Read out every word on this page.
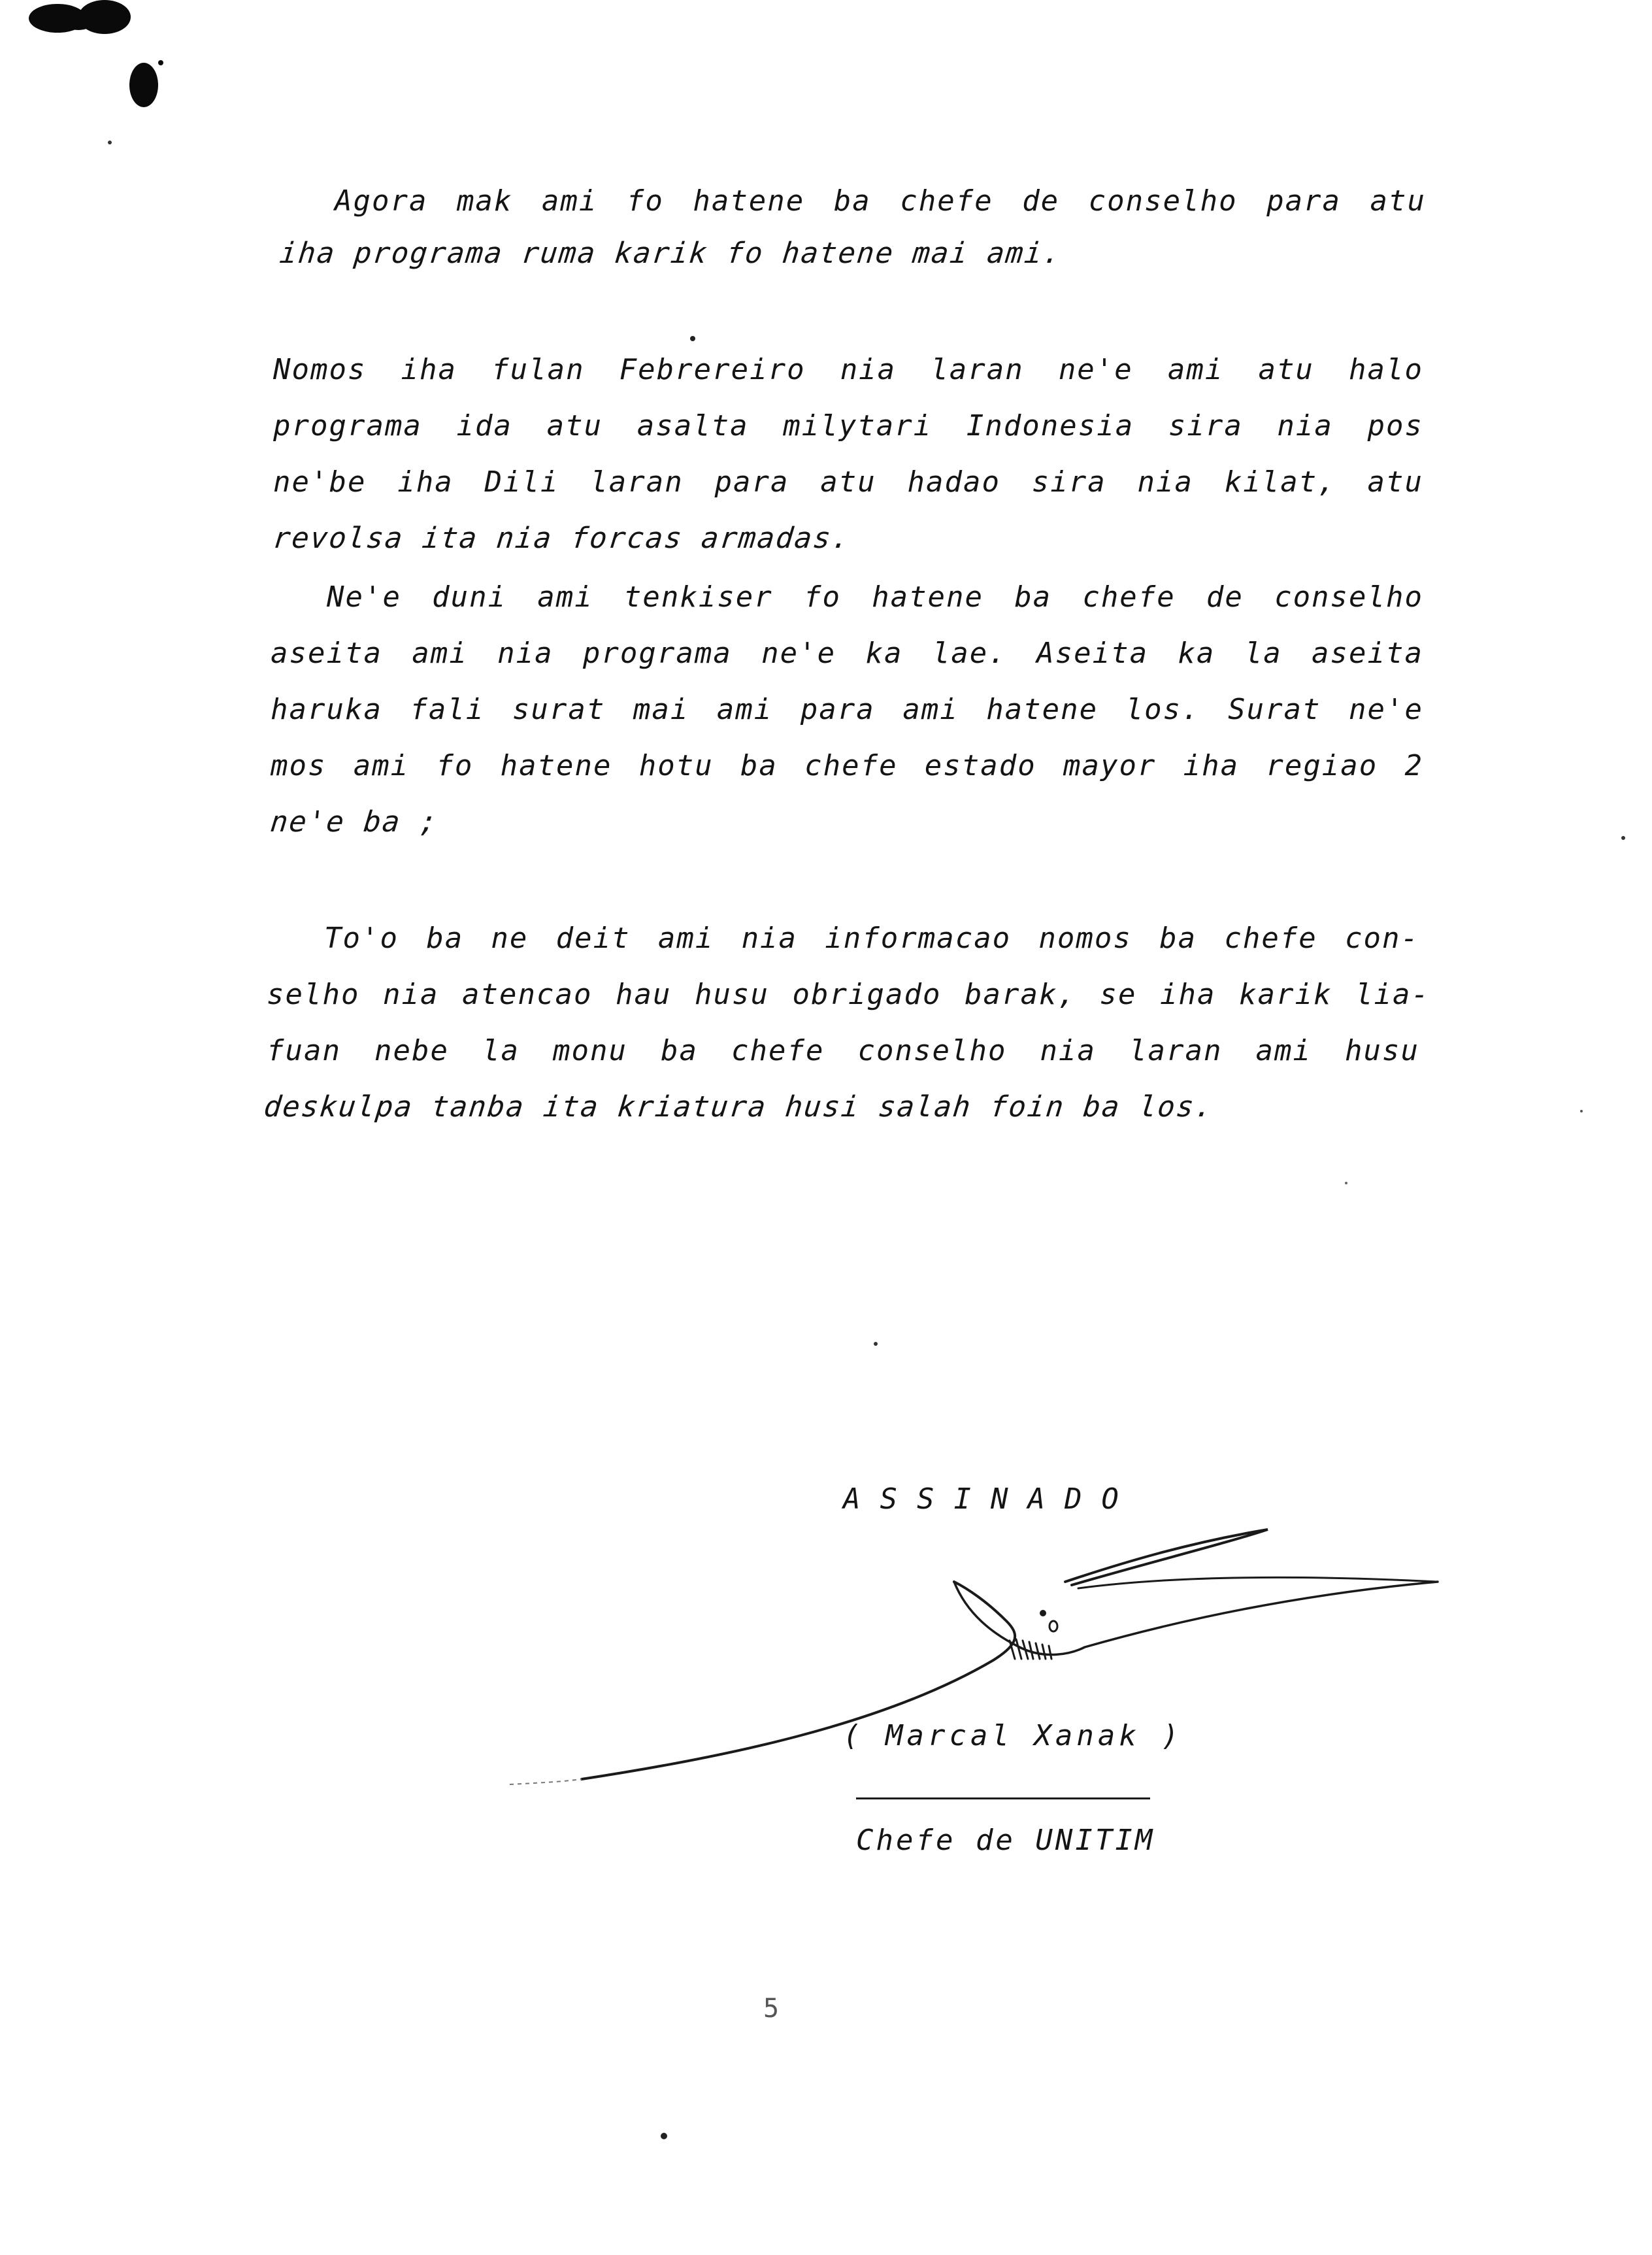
Agora mak ami fo hatene ba chefe de conselho para atu
iha programa ruma karik fo hatene mai ami.
Nomos iha fulan Febrereiro nia laran ne'e ami atu halo
programa ida atu asalta milytari Indonesia sira nia pos
ne'be iha Dili laran para atu hadao sira nia kilat, atu
revolsa ita nia forcas armadas.
Ne'e duni ami tenkiser fo hatene ba chefe de conselho
aseita ami nia programa ne'e ka lae. Aseita ka la aseita
haruka fali surat mai ami para ami hatene los. Surat ne'e
mos ami fo hatene hotu ba chefe estado mayor iha regiao 2
ne'e ba ;
To'o ba ne deit ami nia informacao nomos ba chefe con-
selho nia atencao hau husu obrigado barak, se iha karik lia-
fuan nebe la monu ba chefe conselho nia laran ami husu
deskulpa tanba ita kriatura husi salah foin ba los.
ASSINADO
( Marcal Xanak )
Chefe de UNITIM
5
